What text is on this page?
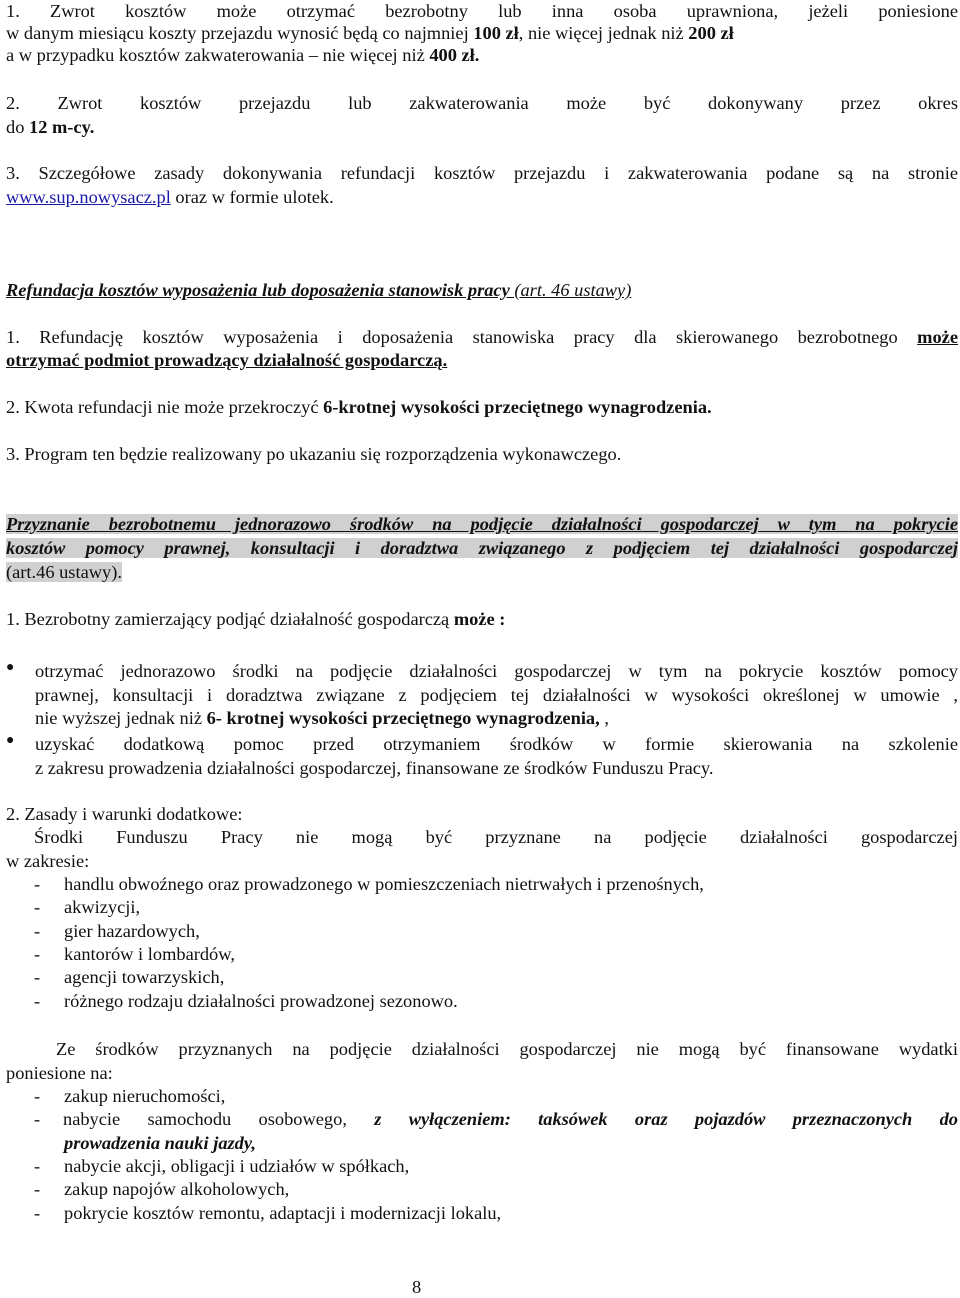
1. Zwrot kosztów może otrzymać bezrobotny lub inna osoba uprawniona, jeżeli poniesione
w danym miesiącu koszty przejazdu wynosić będą co najmniej 100 zł, nie więcej jednak niż 200 zł
a w przypadku kosztów zakwaterowania – nie więcej niż 400 zł.
2. Zwrot kosztów przejazdu lub zakwaterowania może być dokonywany przez okres
do 12 m-cy.
3. Szczegółowe zasady dokonywania refundacji kosztów przejazdu i zakwaterowania podane są na stronie
www.sup.nowysacz.pl oraz w formie ulotek.
Refundacja kosztów wyposażenia lub doposażenia stanowisk pracy (art. 46 ustawy)
1. Refundację kosztów wyposażenia i doposażenia stanowiska pracy dla skierowanego bezrobotnego może
otrzymać podmiot prowadzący działalność gospodarczą.
2. Kwota refundacji nie może przekroczyć 6-krotnej wysokości przeciętnego wynagrodzenia.
3. Program ten będzie realizowany po ukazaniu się rozporządzenia wykonawczego.
Przyznanie bezrobotnemu jednorazowo środków na podjęcie działalności gospodarczej w tym na pokrycie
kosztów pomocy prawnej, konsultacji i doradztwa związanego z podjęciem tej działalności gospodarczej
(art.46 ustawy).
1. Bezrobotny zamierzający podjąć działalność gospodarczą może :
● otrzymać jednorazowo środki na podjęcie działalności gospodarczej w tym na pokrycie kosztów pomocy
prawnej, konsultacji i doradztwa związane z podjęciem tej działalności w wysokości określonej w umowie ,
nie wyższej jednak niż 6- krotnej wysokości przeciętnego wynagrodzenia, ,
● uzyskać dodatkową pomoc przed otrzymaniem środków w formie skierowania na szkolenie
z zakresu prowadzenia działalności gospodarczej, finansowane ze środków Funduszu Pracy.
2. Zasady i warunki dodatkowe:
Środki Funduszu Pracy nie mogą być przyznane na podjęcie działalności gospodarczej
w zakresie:
- handlu obwoźnego oraz prowadzonego w pomieszczeniach nietrwałych i przenośnych,
- akwizycji,
- gier hazardowych,
- kantorów i lombardów,
- agencji towarzyskich,
- różnego rodzaju działalności prowadzonej sezonowo.
Ze środków przyznanych na podjęcie działalności gospodarczej nie mogą być finansowane wydatki
poniesione na:
- zakup nieruchomości,
- nabycie samochodu osobowego, z wyłączeniem: taksówek oraz pojazdów przeznaczonych do
prowadzenia nauki jazdy,
- nabycie akcji, obligacji i udziałów w spółkach,
- zakup napojów alkoholowych,
- pokrycie kosztów remontu, adaptacji i modernizacji lokalu,
8
